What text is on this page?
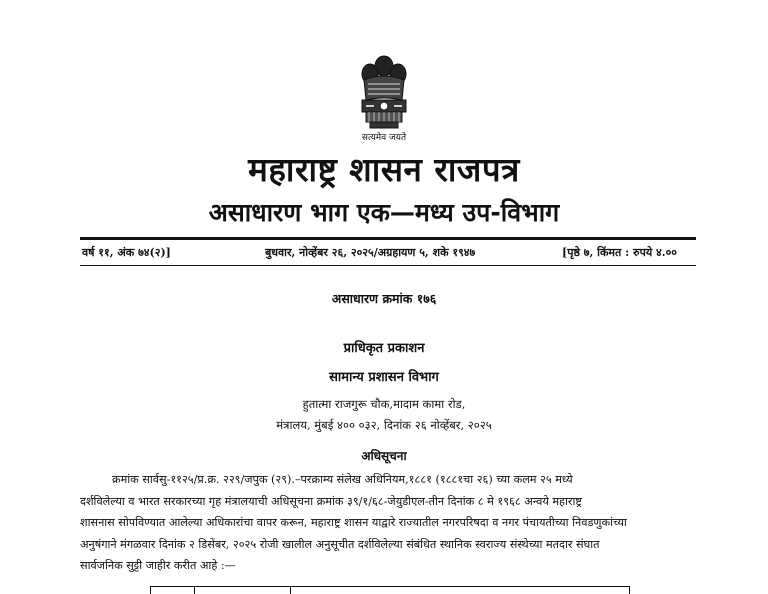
सत्यमेव जयते
महाराष्ट्र शासन राजपत्र
असाधारण भाग एक—मध्य उप-विभाग
वर्ष ११, अंक ७४(२)]	बुधवार, नोव्हेंबर २६, २०२५/अग्रहायण ५, शके १९४७	[पृष्ठे ७, किंमत : रुपये ४.००
असाधारण क्रमांक १७६
प्राधिकृत प्रकाशन
सामान्य प्रशासन विभाग
हुतात्मा राजगुरू चौक,मादाम कामा रोड,
मंत्रालय, मुंबई ४०० ०३२, दिनांक २६ नोव्हेंबर, २०२५
अधिसूचना
क्रमांक सार्वसु-११२५/प्र.क्र. २२९/जपुक (२९).–परक्राम्य संलेख अधिनियम,१८८१ (१८८१चा २६) च्या कलम २५ मध्ये
दर्शविलेल्या व भारत सरकारच्या गृह मंत्रालयाची अधिसूचना क्रमांक ३९/१/६८-जेयुडीएल-तीन दिनांक ८ मे १९६८ अन्वये महाराष्ट्र
शासनास सोपविण्यात आलेल्या अधिकारांचा वापर करून, महाराष्ट्र शासन याद्वारे राज्यातील नगरपरिषदा व नगर पंचायतीच्या निवडणुकांच्या
अनुषंगाने मंगळवार दिनांक २ डिसेंबर, २०२५ रोजी खालील अनुसूचीत दर्शविलेल्या संबंधित स्थानिक स्वराज्य संस्थेच्या मतदार संघात
सार्वजनिक सुट्टी जाहीर करीत आहे :—
